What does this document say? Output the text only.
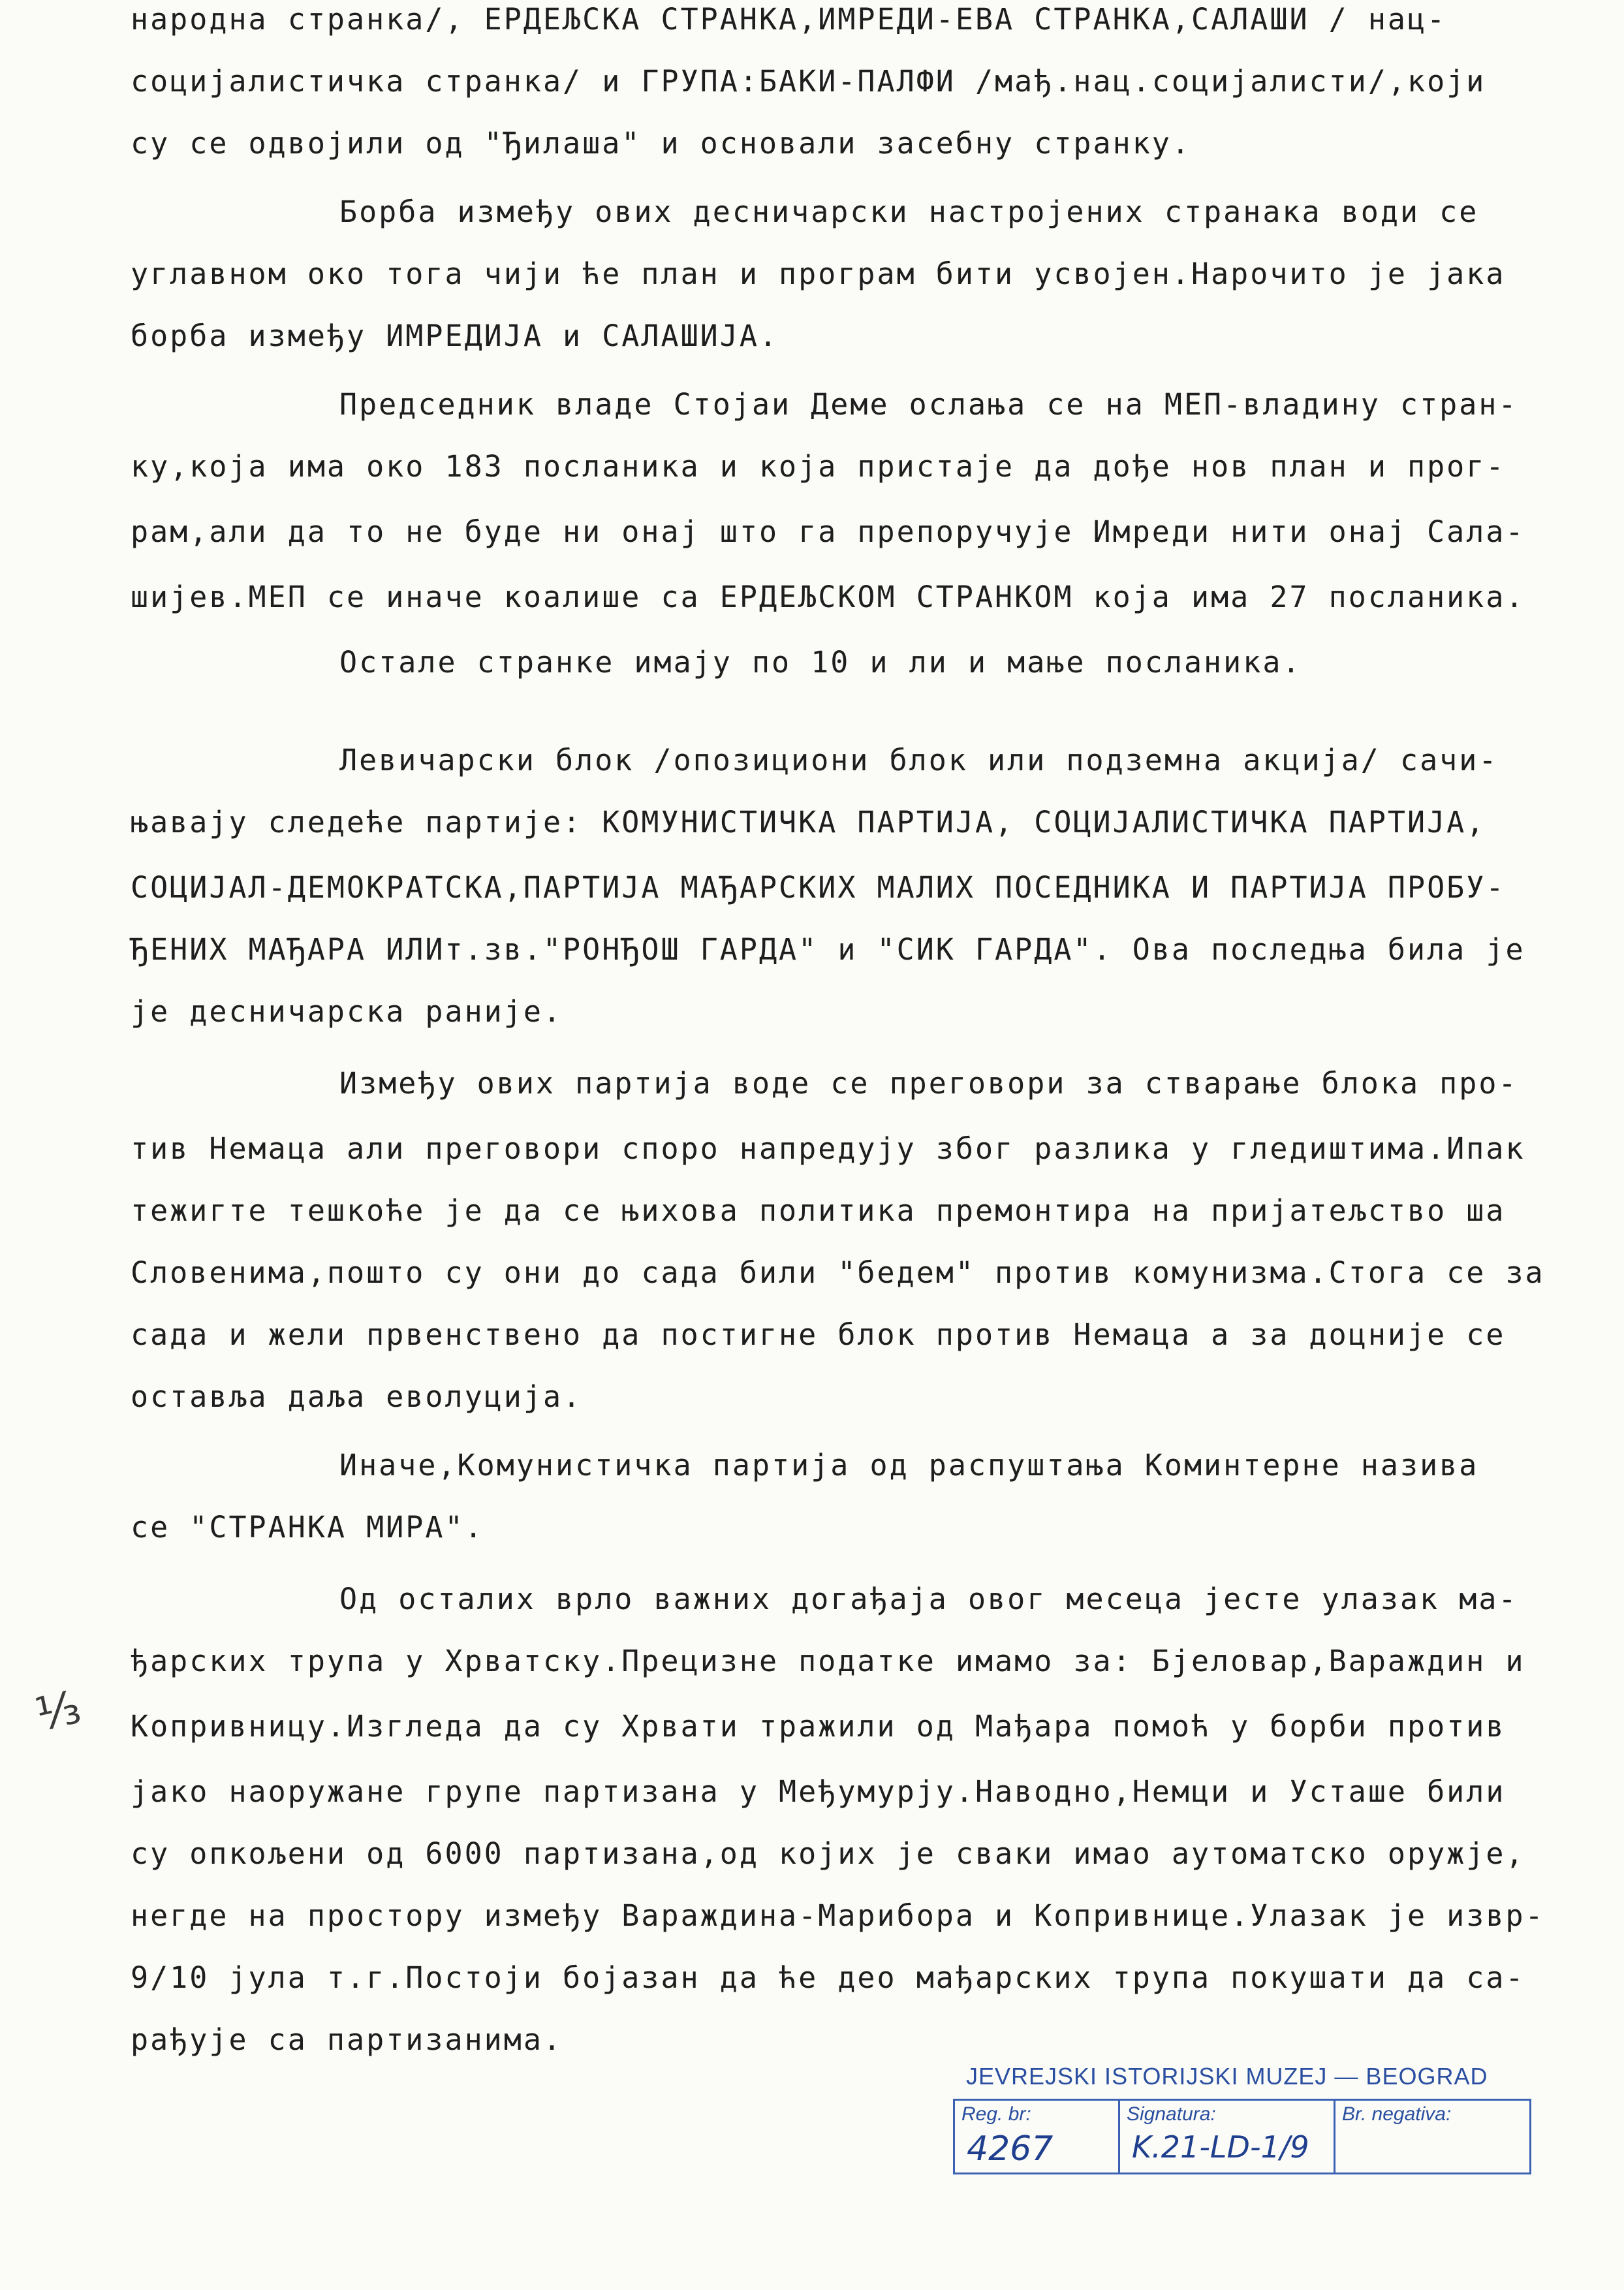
народна странка/, ЕРДЕЉСКА СТРАНКА,ИМРЕДИ-ЕВА СТРАНКА,САЛАШИ / нац-
социјалистичка странка/ и ГРУПА:БАКИ-ПАЛФИ /мађ.нац.социјалисти/,који
су се одвојили од "Ђилаша" и основали засебну странку.
Борба између ових десничарски настројених странака води се
углавном око тога чији ће план и програм бити усвојен.Нарочито је јака
борба између ИМРЕДИЈА и САЛАШИЈА.
Председник владе Стојаи Деме ослања се на МЕП-владину стран-
ку,која има око 183 посланика и која пристаје да дође нов план и прог-
рам,али да то не буде ни онај што га препоручује Имреди нити онај Сала-
шијев.МЕП се иначе коалише са ЕРДЕЉСКОМ СТРАНКОМ која има 27 посланика.
Остале странке имају по 10 и ли и мање посланика.
Левичарски блок /опозициони блок или подземна акција/ сачи-
њавају следеће партије: КОМУНИСТИЧКА ПАРТИЈА, СОЦИЈАЛИСТИЧКА ПАРТИЈА,
СОЦИЈАЛ-ДЕМОКРАТСКА,ПАРТИЈА МАЂАРСКИХ МАЛИХ ПОСЕДНИКА И ПАРТИЈА ПРОБУ-
ЂЕНИХ МАЂАРА ИЛИт.зв."РОНЂОШ ГАРДА" и "СИК ГАРДА". Ова последња била је
је десничарска раније.
Између ових партија воде се преговори за стварање блока про-
тив Немаца али преговори споро напредују због разлика у гледиштима.Ипак
тежигте тешкоће је да се њихова политика премонтира на пријатељство ша
Словенима,пошто су они до сада били "бедем" против комунизма.Стога се за
сада и жели првенствено да постигне блок против Немаца а за доцније се
оставља даља еволуција.
Иначе,Комунистичка партија од распуштања Коминтерне назива
се "СТРАНКА МИРА".
Од осталих врло важних догађаја овог месеца јесте улазак ма-
ђарских трупа у Хрватску.Прецизне податке имамо за: Бјеловар,Вараждин и
Копривницу.Изгледа да су Хрвати тражили од Мађара помоћ у борби против
јако наоружане групе партизана у Међумурју.Наводно,Немци и Усташе били
су опкољени од 6000 партизана,од којих је сваки имао аутоматско оружје,
негде на простору између Вараждина-Марибора и Копривнице.Улазак је извр-
9/10 јула т.г.Постоји бојазан да ће део мађарских трупа покушати да са-
рађује са партизанима.
⅓
JEVREJSKI ISTORIJSKI MUZEJ — BEOGRAD
Reg. br:
4267
Signatura:
K.21-LD-1/9
Br. negativa:
